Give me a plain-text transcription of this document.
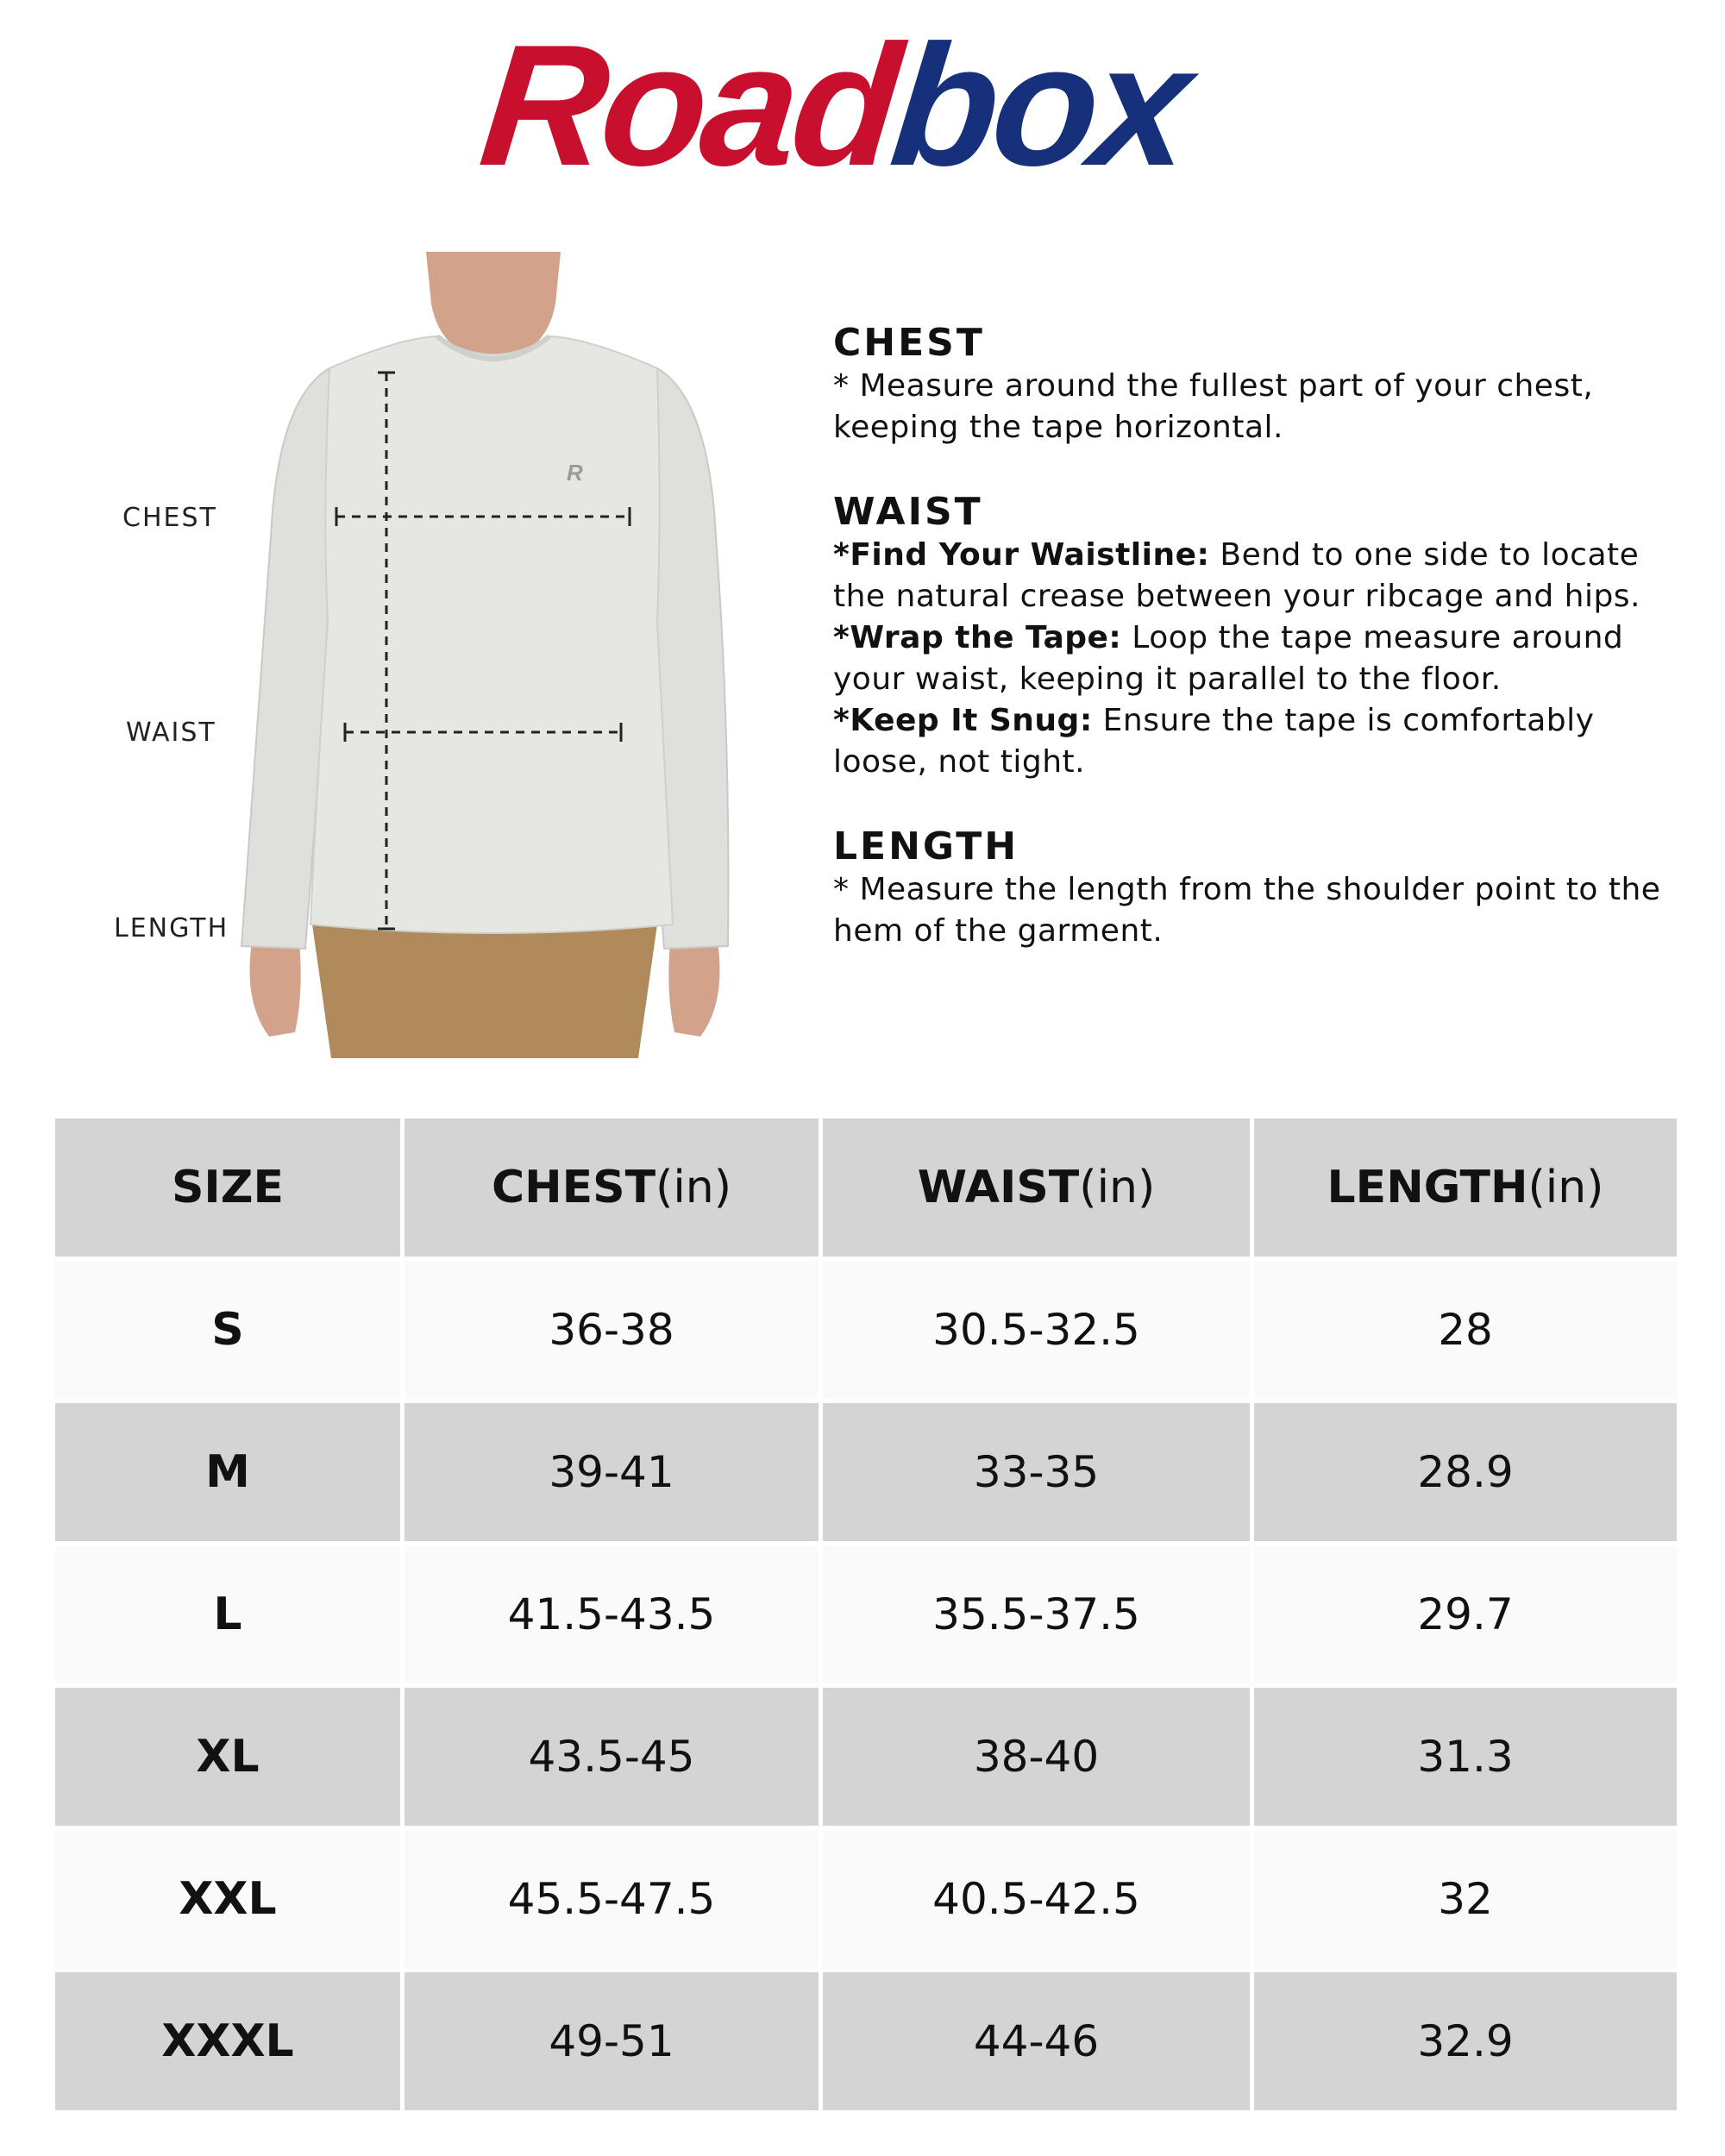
Roadbox
CHEST
WAIST
LENGTH
R
CHEST

* Measure around the fullest part of your chest,

keeping the tape horizontal.

WAIST

*Find Your Waistline: Bend to one side to locate

the natural crease between your ribcage and hips.

*Wrap the Tape: Loop the tape measure around

your waist, keeping it parallel to the floor.

*Keep It Snug: Ensure the tape is comfortably

loose, not tight.

LENGTH

* Measure the length from the shoulder point to the

hem of the garment.

SIZE	CHEST (in)	WAIST (in)	LENGTH (in)
S	36-38	30.5-32.5	28
M	39-41	33-35	28.9
L	41.5-43.5	35.5-37.5	29.7
XL	43.5-45	38-40	31.3
XXL	45.5-47.5	40.5-42.5	32
XXXL	49-51	44-46	32.9
